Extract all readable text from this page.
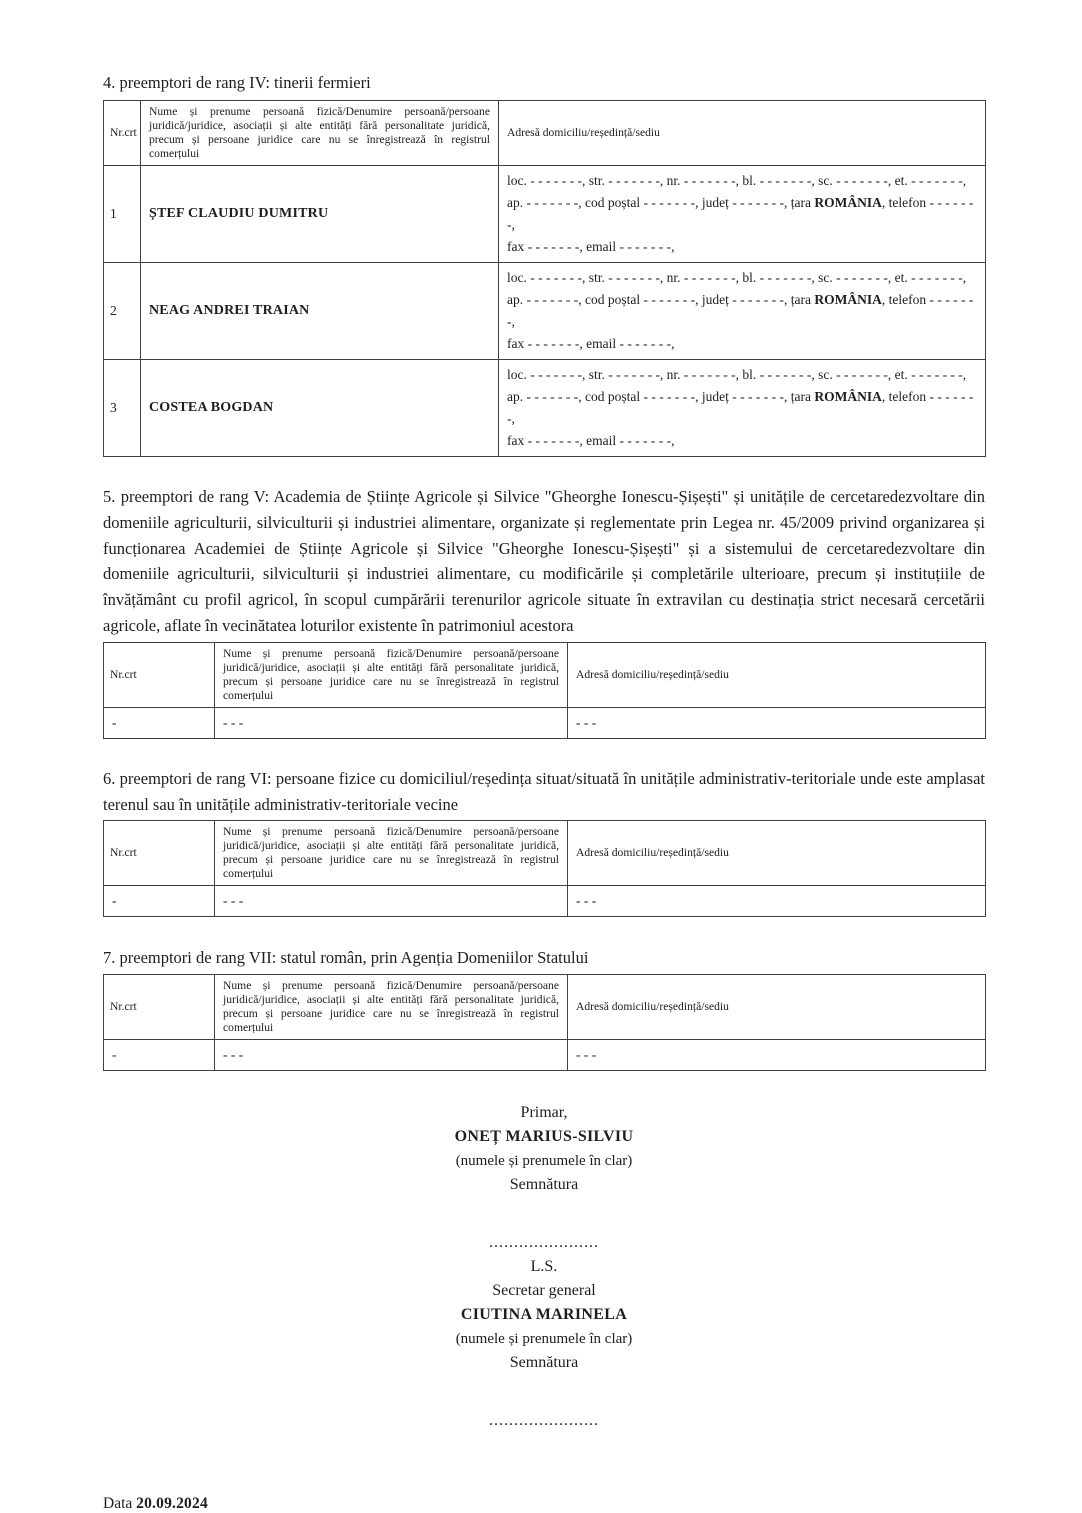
4. preemptori de rang IV: tinerii fermieri
Nr.crt	Nume și prenume persoană fizică/Denumire persoană/persoane juridică/juridice, asociații și alte entități fără personalitate juridică, precum și persoane juridice care nu se înregistrează în registrul comerțului	Adresă domiciliu/reședință/sediu
1	ȘTEF CLAUDIU DUMITRU	loc. - - - - - - -, str. - - - - - - -, nr. - - - - - - -, bl. - - - - - - -, sc. - - - - - - -, et. - - - - - - -,
ap. - - - - - - -, cod poștal - - - - - - -, județ - - - - - - -, țara ROMÂNIA, telefon - - - - - - -,
fax - - - - - - -, email - - - - - - -,
2	NEAG ANDREI TRAIAN	loc. - - - - - - -, str. - - - - - - -, nr. - - - - - - -, bl. - - - - - - -, sc. - - - - - - -, et. - - - - - - -,
ap. - - - - - - -, cod poștal - - - - - - -, județ - - - - - - -, țara ROMÂNIA, telefon - - - - - - -,
fax - - - - - - -, email - - - - - - -,
3	COSTEA BOGDAN	loc. - - - - - - -, str. - - - - - - -, nr. - - - - - - -, bl. - - - - - - -, sc. - - - - - - -, et. - - - - - - -,
ap. - - - - - - -, cod poștal - - - - - - -, județ - - - - - - -, țara ROMÂNIA, telefon - - - - - - -,
fax - - - - - - -, email - - - - - - -,
5. preemptori de rang V: Academia de Științe Agricole și Silvice "Gheorghe Ionescu-Șișești" și unitățile de cercetaredezvoltare din domeniile agriculturii, silviculturii și industriei alimentare, organizate și reglementate prin Legea nr. 45/2009 privind organizarea și funcționarea Academiei de Științe Agricole și Silvice "Gheorghe Ionescu-Șișești" și a sistemului de cercetaredezvoltare din domeniile agriculturii, silviculturii și industriei alimentare, cu modificările și completările ulterioare, precum și instituțiile de învățământ cu profil agricol, în scopul cumpărării terenurilor agricole situate în extravilan cu destinația strict necesară cercetării agricole, aflate în vecinătatea loturilor existente în patrimoniul acestora
Nr.crt	Nume și prenume persoană fizică/Denumire persoană/persoane juridică/juridice, asociații și alte entități fără personalitate juridică, precum și persoane juridice care nu se înregistrează în registrul comerțului	Adresă domiciliu/reședință/sediu
-	- - -	- - -
6. preemptori de rang VI: persoane fizice cu domiciliul/reședința situat/situată în unitățile administrativ-teritoriale unde este amplasat terenul sau în unitățile administrativ-teritoriale vecine
Nr.crt	Nume și prenume persoană fizică/Denumire persoană/persoane juridică/juridice, asociații și alte entități fără personalitate juridică, precum și persoane juridice care nu se înregistrează în registrul comerțului	Adresă domiciliu/reședință/sediu
-	- - -	- - -
7. preemptori de rang VII: statul român, prin Agenția Domeniilor Statului
Nr.crt	Nume și prenume persoană fizică/Denumire persoană/persoane juridică/juridice, asociații și alte entități fără personalitate juridică, precum și persoane juridice care nu se înregistrează în registrul comerțului	Adresă domiciliu/reședință/sediu
-	- - -	- - -
Primar,
ONEȚ MARIUS-SILVIU
(numele și prenumele în clar)
Semnătura
......................
L.S.
Secretar general
CIUTINA MARINELA
(numele și prenumele în clar)
Semnătura
......................
Data 20.09.2024
